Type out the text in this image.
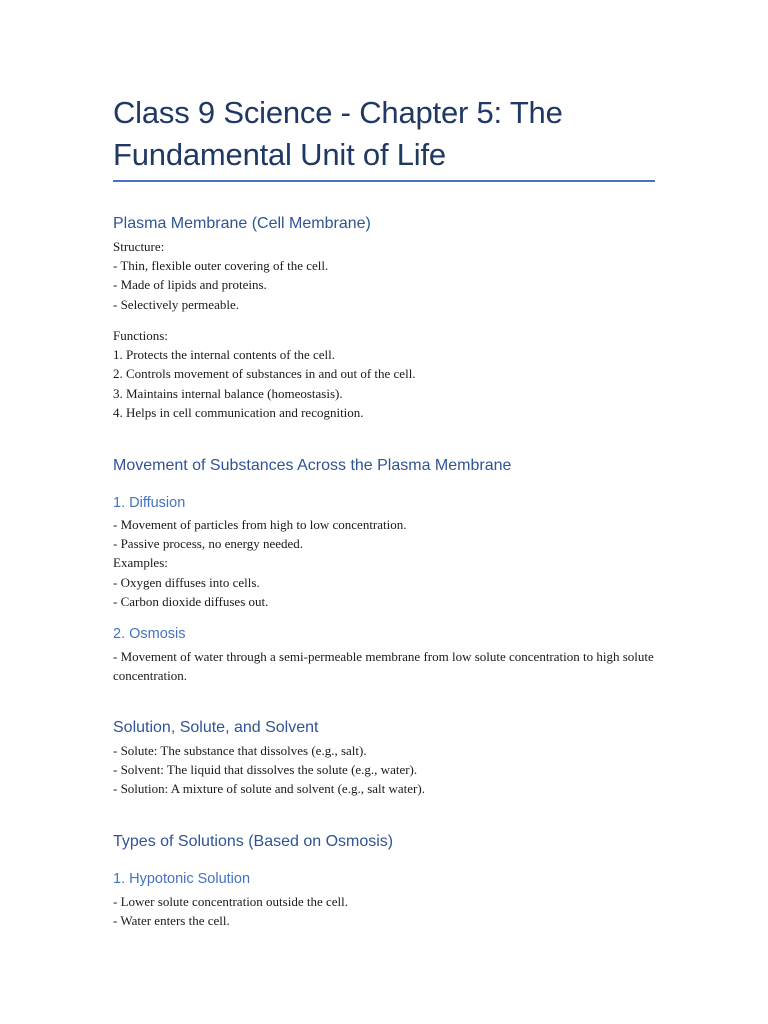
Class 9 Science - Chapter 5: The Fundamental Unit of Life
Plasma Membrane (Cell Membrane)
Structure:
- Thin, flexible outer covering of the cell.
- Made of lipids and proteins.
- Selectively permeable.
Functions:
1. Protects the internal contents of the cell.
2. Controls movement of substances in and out of the cell.
3. Maintains internal balance (homeostasis).
4. Helps in cell communication and recognition.
Movement of Substances Across the Plasma Membrane
1. Diffusion
- Movement of particles from high to low concentration.
- Passive process, no energy needed.
Examples:
- Oxygen diffuses into cells.
- Carbon dioxide diffuses out.
2. Osmosis
- Movement of water through a semi-permeable membrane from low solute concentration to high solute concentration.
Solution, Solute, and Solvent
- Solute: The substance that dissolves (e.g., salt).
- Solvent: The liquid that dissolves the solute (e.g., water).
- Solution: A mixture of solute and solvent (e.g., salt water).
Types of Solutions (Based on Osmosis)
1. Hypotonic Solution
- Lower solute concentration outside the cell.
- Water enters the cell.
